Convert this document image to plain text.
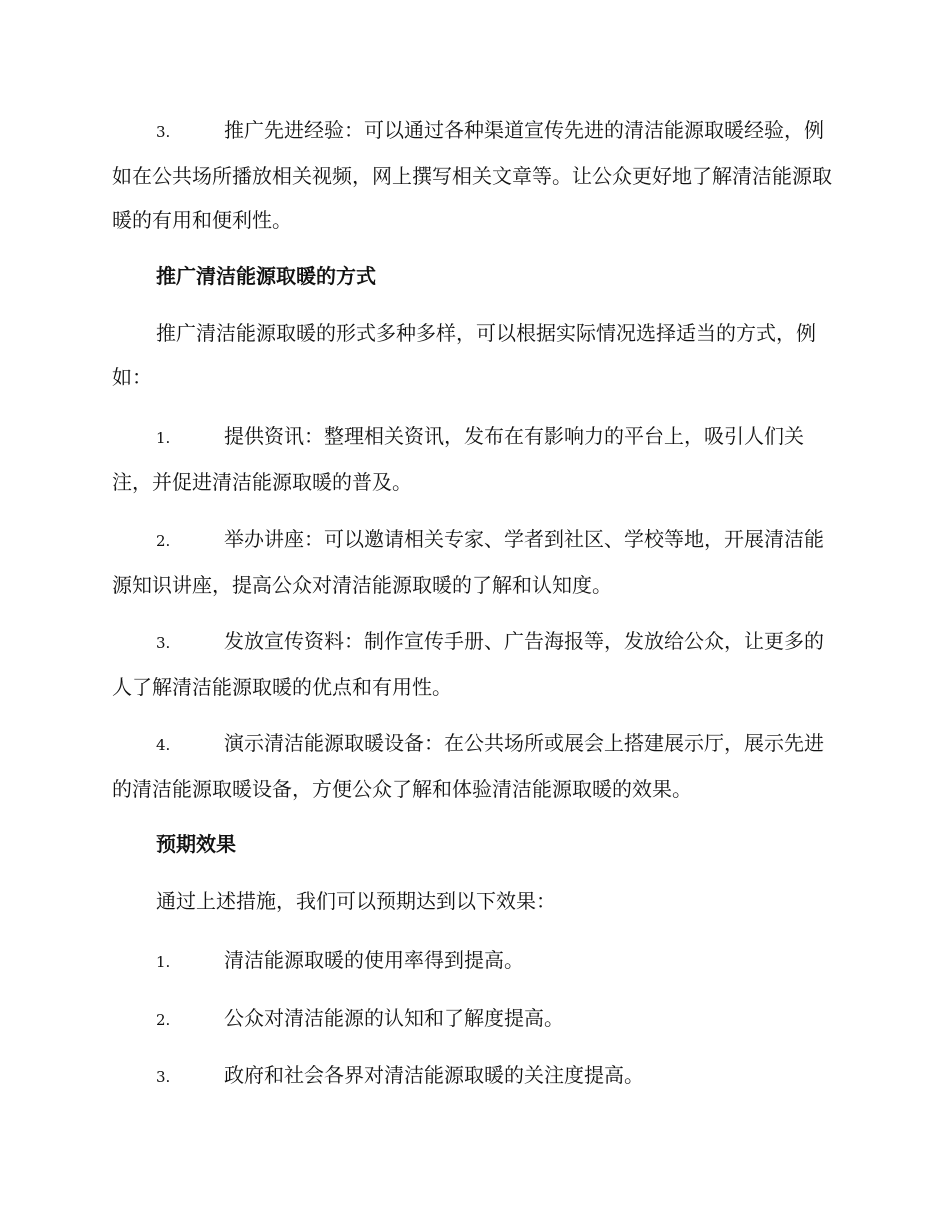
3.	推广先进经验：可以通过各种渠道宣传先进的清洁能源取暖经验，例如在公共场所播放相关视频，网上撰写相关文章等。让公众更好地了解清洁能源取暖的有用和便利性。

推广清洁能源取暖的方式

推广清洁能源取暖的形式多种多样，可以根据实际情况选择适当的方式，例如：

1.	提供资讯：整理相关资讯，发布在有影响力的平台上，吸引人们关注，并促进清洁能源取暖的普及。

2.	举办讲座：可以邀请相关专家、学者到社区、学校等地，开展清洁能源知识讲座，提高公众对清洁能源取暖的了解和认知度。

3.	发放宣传资料：制作宣传手册、广告海报等，发放给公众，让更多的人了解清洁能源取暖的优点和有用性。

4.	演示清洁能源取暖设备：在公共场所或展会上搭建展示厅，展示先进的清洁能源取暖设备，方便公众了解和体验清洁能源取暖的效果。

预期效果

通过上述措施，我们可以预期达到以下效果：

1.	清洁能源取暖的使用率得到提高。

2.	公众对清洁能源的认知和了解度提高。

3.	政府和社会各界对清洁能源取暖的关注度提高。
